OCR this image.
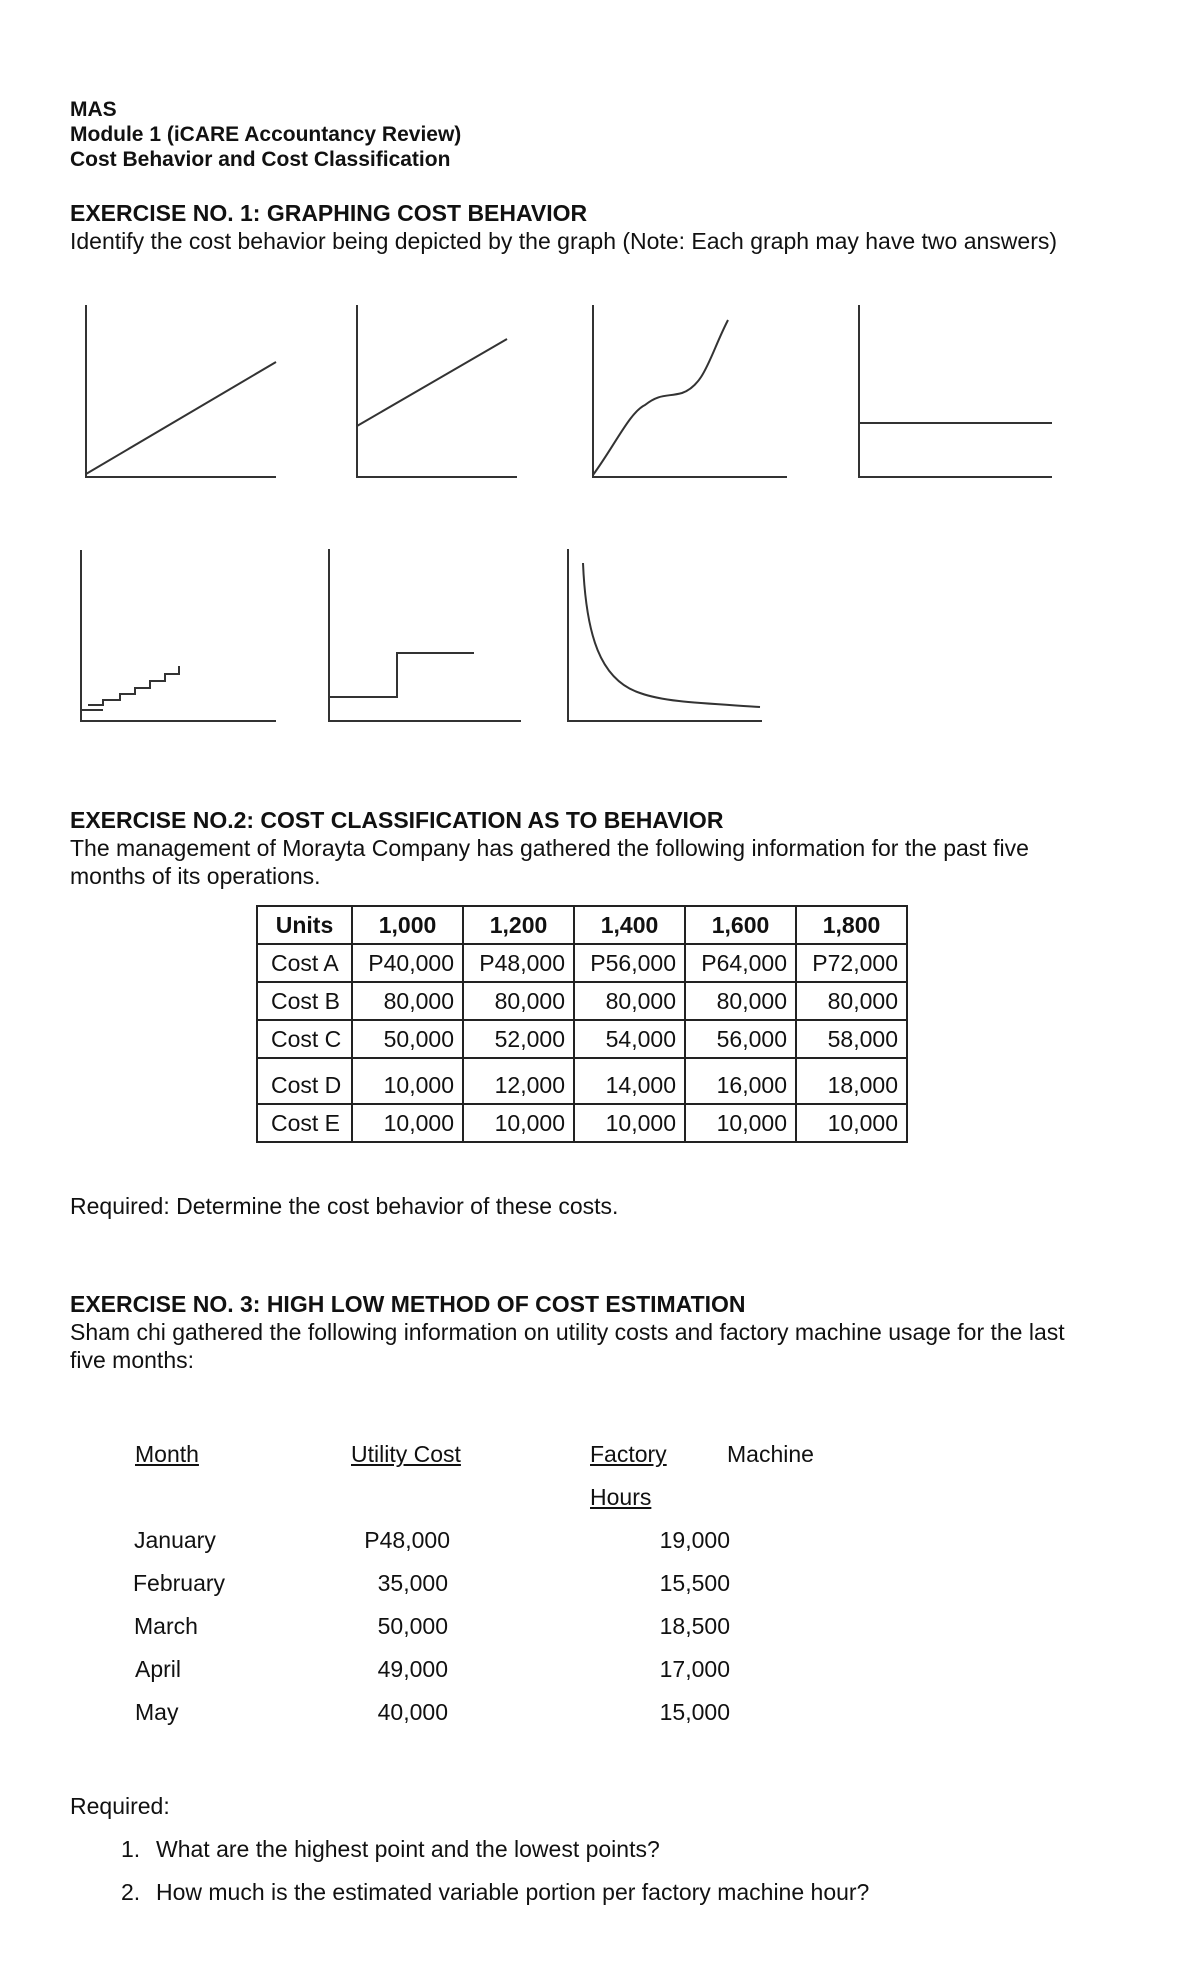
MAS
Module 1 (iCARE Accountancy Review)
Cost Behavior and Cost Classification
EXERCISE NO. 1: GRAPHING COST BEHAVIOR
Identify the cost behavior being depicted by the graph (Note: Each graph may have two answers)
EXERCISE NO.2: COST CLASSIFICATION AS TO BEHAVIOR
The management of Morayta Company has gathered the following information for the past five
months of its operations.
Units	1,000	1,200	1,400	1,600	1,800
Cost A	P40,000	P48,000	P56,000	P64,000	P72,000
Cost B	80,000	80,000	80,000	80,000	80,000
Cost C	50,000	52,000	54,000	56,000	58,000

Cost D	10,000	12,000	14,000	16,000	18,000
Cost E	10,000	10,000	10,000	10,000	10,000
Required: Determine the cost behavior of these costs.
EXERCISE NO. 3: HIGH LOW METHOD OF COST ESTIMATION
Sham chi gathered the following information on utility costs and factory machine usage for the last
five months:
Month	Utility Cost	Factory	Machine
Hours
January	P48,000	19,000
February	35,000	15,500
March	50,000	18,500
April	49,000	17,000
May	40,000	15,000
Required:
1. What are the highest point and the lowest points?
2. How much is the estimated variable portion per factory machine hour?
